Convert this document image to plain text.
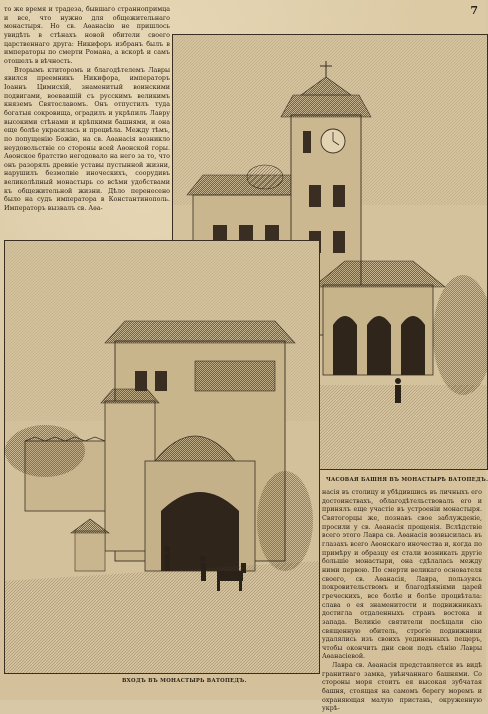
7

то же время и традеза, бывшаго страннопримца и все, что нужно для общежительнаго монастыря. Но св. Аѳанасію не пришлось увидѣть в стѣнахъ новой обители своего царственнаго друга: Никифоръ избранъ былъ в императоры по смерти Романа, а вскорѣ и самъ отошелъ в вѣчность.

Вторымъ ктиторомъ и благодѣтелемъ Лавры явился преемникъ Никифора, императоръ Іоаннъ Цимисхій, знаменитый воинскими подвигами, воевавшій съ русскимъ великимъ княземъ Святославомъ. Онъ отпустилъ туда богатыя сокровища, оградилъ и укрѣпилъ Лавру высокими стѣнами и крѣпкими башнями, и она еще болѣе украсилась и процвѣла. Между тѣмъ, по попущенію Божію, на св. Аѳанасія возникло неудовольствіе со стороны всей Аѳонской горы. Аѳонское братство негодовало на него за то, что онъ разорялъ древніе уставы пустынной жизни, нарушилъ безмолвіе иноческихъ, соорудивъ великолѣпный монастырь со всѣми удобствами къ общежительной жизни. Дѣло перенесено было на судъ императора в Константинополь. Императоръ вызвалъ св. Аѳа-

ЧАСОВАЯ БАШНЯ ВЪ МОНАСТЫРѢ ВАТОПЕДЪ.

насія въ столицу и убѣдившись въ личныхъ его достоинствахъ, облагодѣтельствовалъ его и принялъ еще участіе въ устроеніи монастыря. Святогорцы же, познавъ свое заблужденіе, просили у св. Аѳанасія прощенія. Вслѣдствіе всего этого Лавра св. Аѳанасія возвысилась въ глазахъ всего Аѳонскаго иночества и, когда по примѣру и образцу ея стали возникать другіе большіе монастыри, она сдѣлалась между ними первою. По смерти великаго основателя своего, св. Аѳанасія, Лавра, пользуясь покровительствомъ и благодѣяніями царей греческихъ, все болѣе и болѣе процвѣтала: слава о ея знаменитости и подвижникахъ достигла отдаленныхъ странъ востока и запада. Великіе святители посѣщали сію священную обитель, строгіе подвижники удалялись изъ своихъ уединенныхъ пещеръ, чтобы окончить дни свои подъ сѣнію Лавры Аѳанасіевой.

Лавра св. Аѳанасія представляется въ видѣ гранитнаго замка, увѣнчаннаго башнями. Со стороны моря стоитъ ея высокая зубчатая башня, стоящая на самомъ берегу моремъ и охраняющая малую пристань, окруженную укрѣ-

ВХОДЪ ВЪ МОНАСТЫРЬ ВАТОПЕДЪ.
